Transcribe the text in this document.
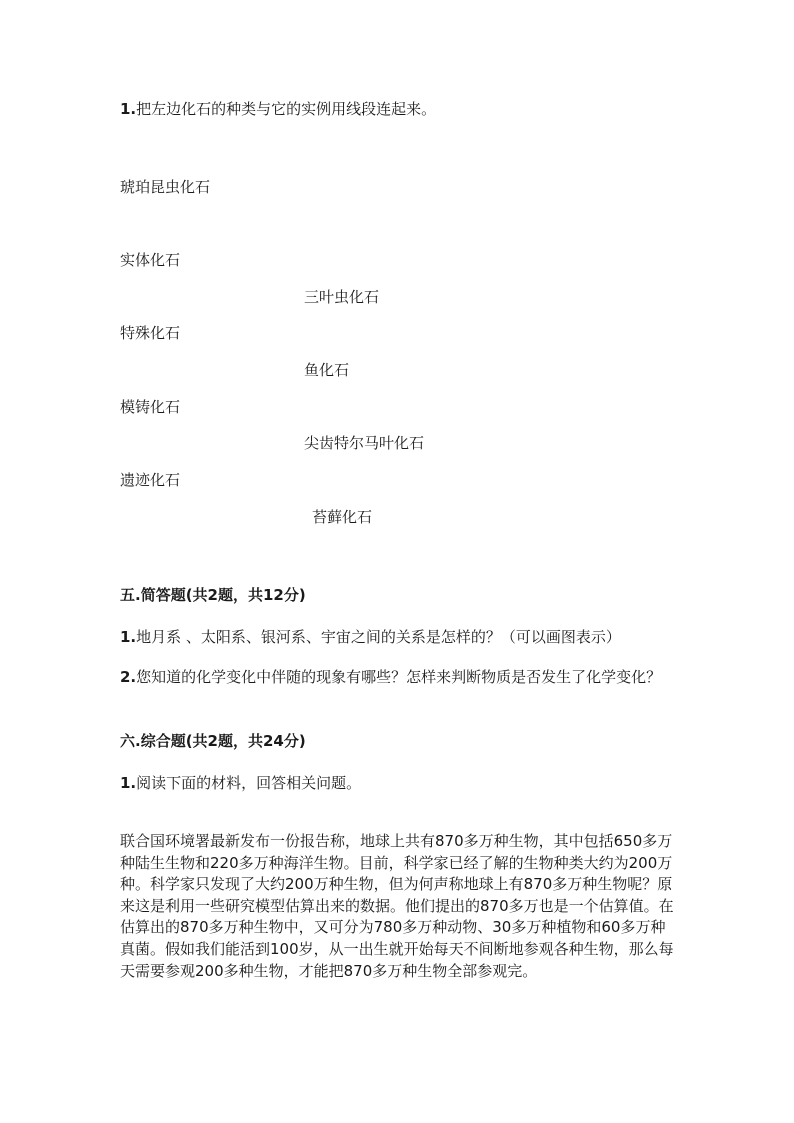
1.把左边化石的种类与它的实例用线段连起来。
琥珀昆虫化石
实体化石
特殊化石
模铸化石
遗迹化石
三叶虫化石
鱼化石
尖齿特尔马叶化石
苔藓化石
五.简答题(共2题，共12分)
1.地月系 、太阳系、银河系、宇宙之间的关系是怎样的？（可以画图表示）
2.您知道的化学变化中伴随的现象有哪些？怎样来判断物质是否发生了化学变化？
六.综合题(共2题，共24分)
1.阅读下面的材料，回答相关问题。
联合国环境署最新发布一份报告称，地球上共有870多万种生物，其中包括650多万种陆生生物和220多万种海洋生物。目前，科学家已经了解的生物种类大约为200万种。科学家只发现了大约200万种生物，但为何声称地球上有870多万种生物呢？原来这是利用一些研究模型估算出来的数据。他们提出的870多万也是一个估算值。在估算出的870多万种生物中，又可分为780多万种动物、30多万种植物和60多万种真菌。假如我们能活到100岁，从一出生就开始每天不间断地参观各种生物，那么每天需要参观200多种生物，才能把870多万种生物全部参观完。
